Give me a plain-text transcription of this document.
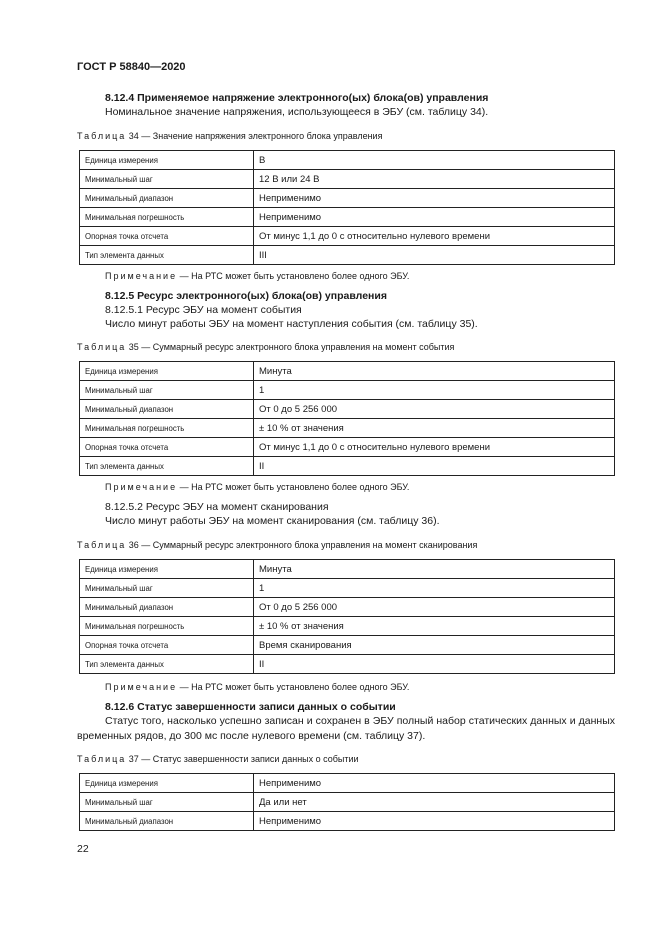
ГОСТ Р 58840—2020
8.12.4 Применяемое напряжение электронного(ых) блока(ов) управления
Номинальное значение напряжения, использующееся в ЭБУ (см. таблицу 34).
Таблица 34 — Значение напряжения электронного блока управления
Единица измерения	В
Минимальный шаг	12 В или 24 В
Минимальный диапазон	Неприменимо
Минимальная погрешность	Неприменимо
Опорная точка отсчета	От минус 1,1 до 0 с относительно нулевого времени
Тип элемента данных	III
Примечание — На РТС может быть установлено более одного ЭБУ.
8.12.5 Ресурс электронного(ых) блока(ов) управления
8.12.5.1 Ресурс ЭБУ на момент события
Число минут работы ЭБУ на момент наступления события (см. таблицу 35).
Таблица 35 — Суммарный ресурс электронного блока управления на момент события
Единица измерения	Минута
Минимальный шаг	1
Минимальный диапазон	От 0 до 5 256 000
Минимальная погрешность	± 10 % от значения
Опорная точка отсчета	От минус 1,1 до 0 с относительно нулевого времени
Тип элемента данных	II
Примечание — На РТС может быть установлено более одного ЭБУ.
8.12.5.2 Ресурс ЭБУ на момент сканирования
Число минут работы ЭБУ на момент сканирования (см. таблицу 36).
Таблица 36 — Суммарный ресурс электронного блока управления на момент сканирования
Единица измерения	Минута
Минимальный шаг	1
Минимальный диапазон	От 0 до 5 256 000
Минимальная погрешность	± 10 % от значения
Опорная точка отсчета	Время сканирования
Тип элемента данных	II
Примечание — На РТС может быть установлено более одного ЭБУ.
8.12.6 Статус завершенности записи данных о событии
Статус того, насколько успешно записан и сохранен в ЭБУ полный набор статических данных и данных временных рядов, до 300 мс после нулевого времени (см. таблицу 37).
Таблица 37 — Статус завершенности записи данных о событии
Единица измерения	Неприменимо
Минимальный шаг	Да или нет
Минимальный диапазон	Неприменимо
22
